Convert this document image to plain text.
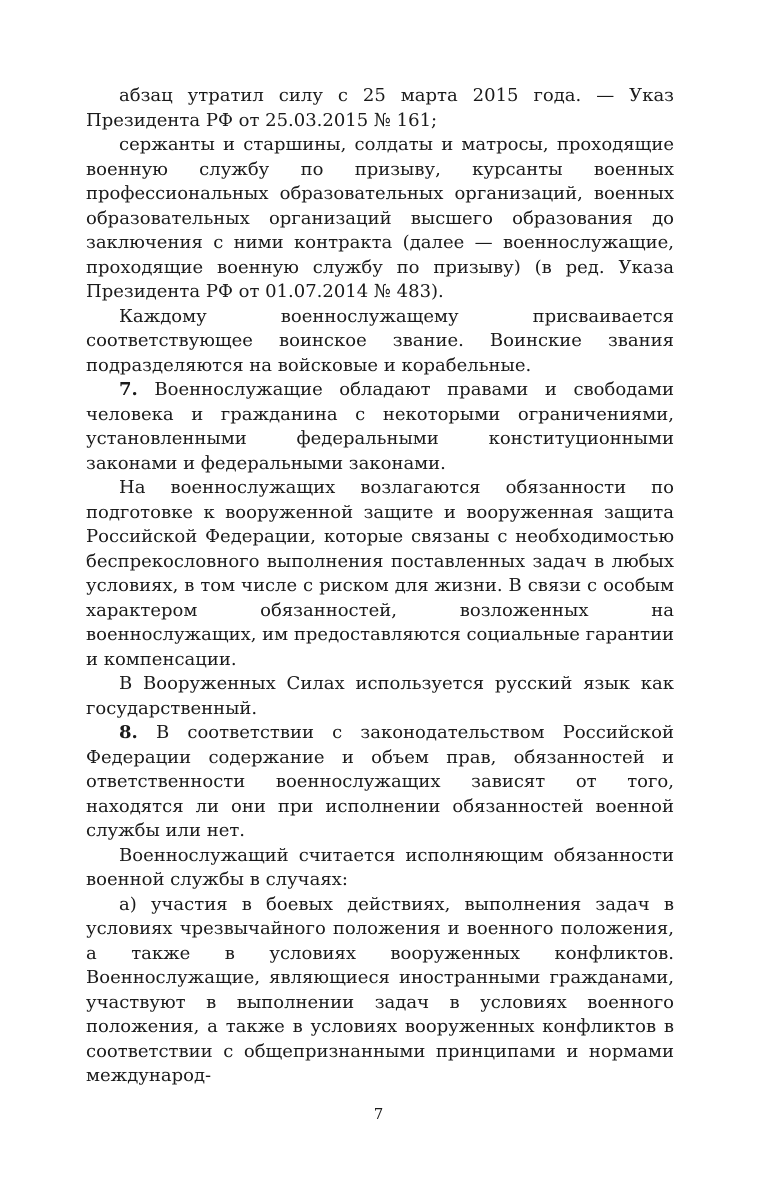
абзац утратил силу с 25 марта 2015 года. — Указ Президента РФ от 25.03.2015 № 161;

сержанты и старшины, солдаты и матросы, проходящие военную службу по призыву, курсанты военных профессиональных образовательных организаций, военных образовательных организаций высшего образования до заключения с ними контракта (далее — военнослужащие, проходящие военную службу по призыву) (в ред. Указа Президента РФ от 01.07.2014 № 483).

Каждому военнослужащему присваивается соответствующее воинское звание. Воинские звания подразделяются на войсковые и корабельные.

7. Военнослужащие обладают правами и свободами человека и гражданина с некоторыми ограничениями, установленными федеральными конституционными законами и федеральными законами.

На военнослужащих возлагаются обязанности по подготовке к вооруженной защите и вооруженная защита Российской Федерации, которые связаны с необходимостью беспрекословного выполнения поставленных задач в любых условиях, в том числе с риском для жизни. В связи с особым характером обязанностей, возложенных на военнослужащих, им предоставляются социальные гарантии и компенсации.

В Вооруженных Силах используется русский язык как государственный.

8. В соответствии с законодательством Российской Федерации содержание и объем прав, обязанностей и ответственности военнослужащих зависят от того, находятся ли они при исполнении обязанностей военной службы или нет.

Военнослужащий считается исполняющим обязанности военной службы в случаях:

а) участия в боевых действиях, выполнения задач в условиях чрезвычайного положения и военного положения, а также в условиях вооруженных конфликтов. Военнослужащие, являющиеся иностранными гражданами, участвуют в выполнении задач в условиях военного положения, а также в условиях вооруженных конфликтов в соответствии с общепризнанными принципами и нормами международ-

7
